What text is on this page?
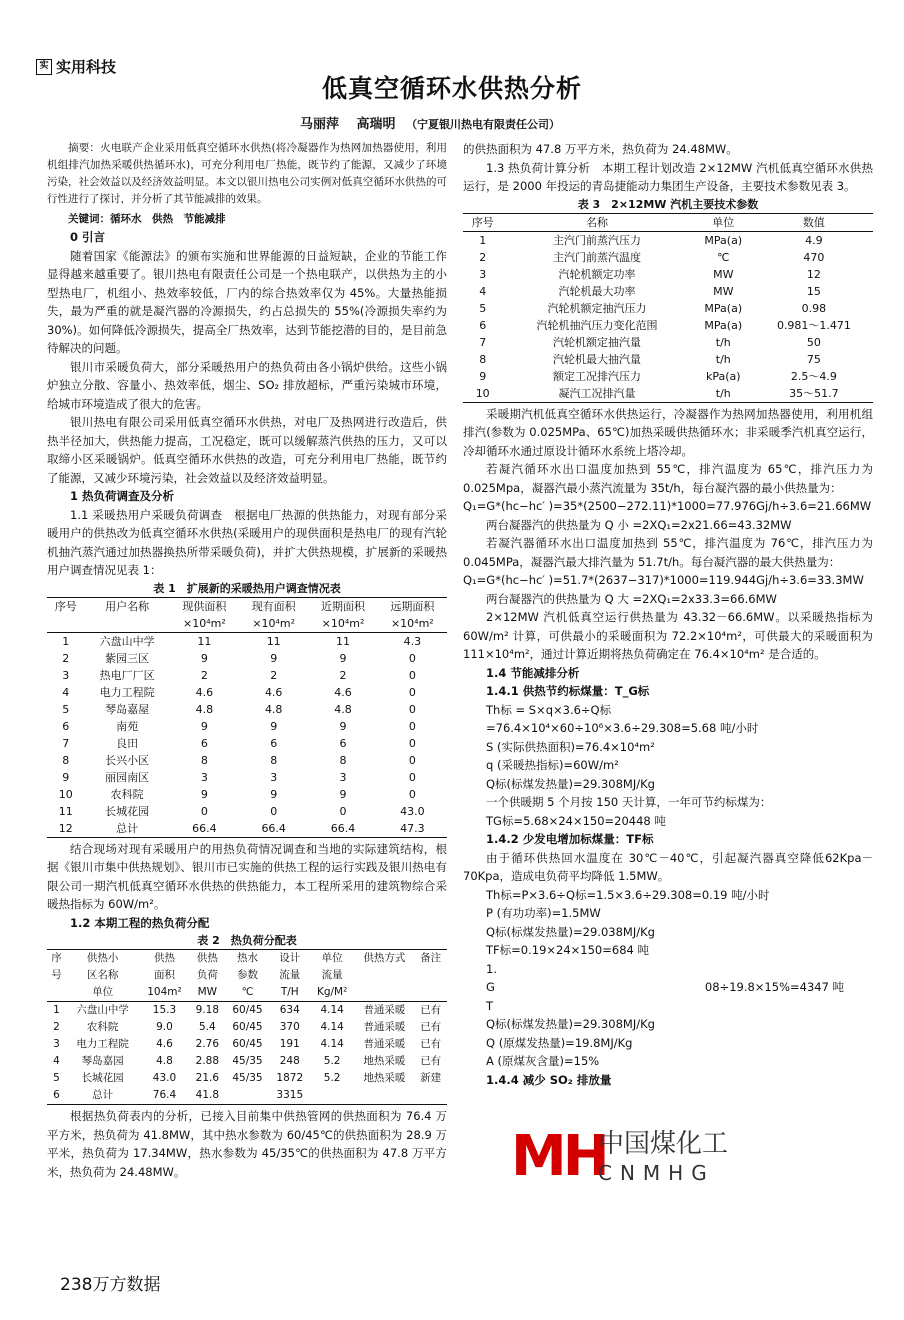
实 实用科技
低真空循环水供热分析
马丽萍　 高瑞明 （宁夏银川热电有限责任公司）

摘要：火电联产企业采用低真空循环水供热(将冷凝器作为热网加热器使用，利用机组排汽加热采暖供热循环水)，可充分利用电厂热能，既节约了能源，又减少了环境污染，社会效益以及经济效益明显。本文以银川热电公司实例对低真空循环水供热的可行性进行了探讨，并分析了其节能减排的效果。

关键词：循环水　供热　节能减排

0 引言

随着国家《能源法》的颁布实施和世界能源的日益短缺，企业的节能工作显得越来越重要了。银川热电有限责任公司是一个热电联产，以供热为主的小型热电厂，机组小、热效率较低，厂内的综合热效率仅为 45%。大量热能损失，最为严重的就是凝汽器的冷源损失，约占总损失的 55%(冷源损失率约为 30%)。如何降低冷源损失，提高全厂热效率，达到节能挖潜的目的，是目前急待解决的问题。

银川市采暖负荷大，部分采暖热用户的热负荷由各小锅炉供给。这些小锅炉独立分散、容量小、热效率低，烟尘、SO₂ 排放超标，严重污染城市环境，给城市环境造成了很大的危害。

银川热电有限公司采用低真空循环水供热，对电厂及热网进行改造后，供热半径加大，供热能力提高，工况稳定，既可以缓解蒸汽供热的压力，又可以取缔小区采暖锅炉。低真空循环水供热的改造，可充分利用电厂热能，既节约了能源，又减少环境污染，社会效益以及经济效益明显。

1 热负荷调查及分析

1.1 采暖热用户采暖负荷调查　根据电厂热源的供热能力，对现有部分采暖用户的供热改为低真空循环水供热(采暖用户的现供面积是热电厂的现有汽轮机抽汽蒸汽通过加热器换热所带采暖负荷)，并扩大供热规模，扩展新的采暖热用户调查情况见表 1：

表 1　扩展新的采暖热用户调查情况表

序号	用户名称	现供面积	现有面积	近期面积	远期面积
		×10⁴m²	×10⁴m²	×10⁴m²	×10⁴m²
1	六盘山中学	11	11	11	4.3
2	紫园三区	9	9	9	0
3	热电厂厂区	2	2	2	0
4	电力工程院	4.6	4.6	4.6	0
5	琴岛嘉屋	4.8	4.8	4.8	0
6	南苑	9	9	9	0
7	良田	6	6	6	0
8	长兴小区	8	8	8	0
9	丽园南区	3	3	3	0
10	农科院	9	9	9	0
11	长城花园	0	0	0	43.0
12	总计	66.4	66.4	66.4	47.3

结合现场对现有采暖用户的用热负荷情况调查和当地的实际建筑结构，根据《银川市集中供热规划》、银川市已实施的供热工程的运行实践及银川热电有限公司一期汽机低真空循环水供热的供热能力，本工程所采用的建筑物综合采暖热指标为 60W/m²。

1.2 本期工程的热负荷分配

表 2　热负荷分配表

序	供热小	供热	供热	热水	设计	单位	供热方式	备注
号	区名称	面积	负荷	参数	流量	流量		
	单位	104m²	MW	℃	T/H	Kg/M²		
1	六盘山中学	15.3	9.18	60/45	634	4.14	普通采暖	已有
2	农科院	9.0	5.4	60/45	370	4.14	普通采暖	已有
3	电力工程院	4.6	2.76	60/45	191	4.14	普通采暖	已有
4	琴岛嘉园	4.8	2.88	45/35	248	5.2	地热采暖	已有
5	长城花园	43.0	21.6	45/35	1872	5.2	地热采暖	新建
6	总计	76.4	41.8		3315			

根据热负荷表内的分析，已接入目前集中供热管网的供热面积为 76.4 万平方米，热负荷为 41.8MW，其中热水参数为 60/45℃的供热面积为 28.9 万平米，热负荷为 17.34MW，热水参数为 45/35℃的供热面积为 47.8 万平方米，热负荷为 24.48MW。

的供热面积为 47.8 万平方米，热负荷为 24.48MW。

1.3 热负荷计算分析　本期工程计划改造 2×12MW 汽机低真空循环水供热运行，是 2000 年投运的青岛捷能动力集团生产设备，主要技术参数见表 3。

表 3　2×12MW 汽机主要技术参数

序号	名称	单位	数值
1	主汽门前蒸汽压力	MPa(a)	4.9
2	主汽门前蒸汽温度	℃	470
3	汽轮机额定功率	MW	12
4	汽轮机最大功率	MW	15
5	汽轮机额定抽汽压力	MPa(a)	0.98
6	汽轮机抽汽压力变化范围	MPa(a)	0.981～1.471
7	汽轮机额定抽汽量	t/h	50
8	汽轮机最大抽汽量	t/h	75
9	额定工况排汽压力	kPa(a)	2.5～4.9
10	凝汽工况排汽量	t/h	35～51.7

采暖期汽机低真空循环水供热运行，冷凝器作为热网加热器使用，利用机组排汽(参数为 0.025MPa、65℃)加热采暖供热循环水；非采暖季汽机真空运行，冷却循环水通过原设计循环水系统上塔冷却。

若凝汽循环水出口温度加热到 55℃，排汽温度为 65℃，排汽压力为 0.025Mpa，凝器汽最小蒸汽流量为 35t/h，每台凝汽器的最小供热量为：

Q₁=G*(hc−hc′ )=35*(2500−272.11)*1000=77.976Gj/h÷3.6=21.66MW

两台凝器汽的供热量为 Q 小 =2XQ₁=2x21.66=43.32MW

若凝汽器循环水出口温度加热到 55℃，排汽温度为 76℃，排汽压力为 0.045MPa，凝器汽最大排汽量为 51.7t/h。每台凝汽器的最大供热量为：

Q₁=G*(hc−hc′ )=51.7*(2637−317)*1000=119.944Gj/h÷3.6=33.3MW

两台凝器汽的供热量为 Q 大 =2XQ₁=2x33.3=66.6MW

2×12MW 汽机低真空运行供热量为 43.32－66.6MW。以采暖热指标为 60W/m² 计算，可供最小的采暖面积为 72.2×10⁴m²，可供最大的采暖面积为 111×10⁴m²，通过计算近期将热负荷确定在 76.4×10⁴m² 是合适的。

1.4 节能减排分析

1.4.1 供热节约标煤量：T_G标

Th标 = S×q×3.6÷Q标

=76.4×10⁴×60÷10⁶×3.6÷29.308=5.68 吨/小时

S (实际供热面积)=76.4×10⁴m²

q (采暖热指标)=60W/m²

Q标(标煤发热量)=29.308MJ/Kg

一个供暖期 5 个月按 150 天计算，一年可节约标煤为：

TG标=5.68×24×150=20448 吨

1.4.2 少发电增加标煤量：TF标

由于循环供热回水温度在 30℃－40℃，引起凝汽器真空降低62Kpa－70Kpa，造成电负荷平均降低 1.5MW。

Th标=P×3.6÷Q标=1.5×3.6÷29.308=0.19 吨/小时

P (有功功率)=1.5MW

Q标(标煤发热量)=29.038MJ/Kg

TF标=0.19×24×150=684 吨

1.

G	08÷19.8×15%=4347 吨

T

Q标(标煤发热量)=29.308MJ/Kg

Q (原煤发热量)=19.8MJ/Kg

A (原煤灰含量)=15%

1.4.4 减少 SO₂ 排放量

MH
中国煤化工
CNMHG
238万方数据
